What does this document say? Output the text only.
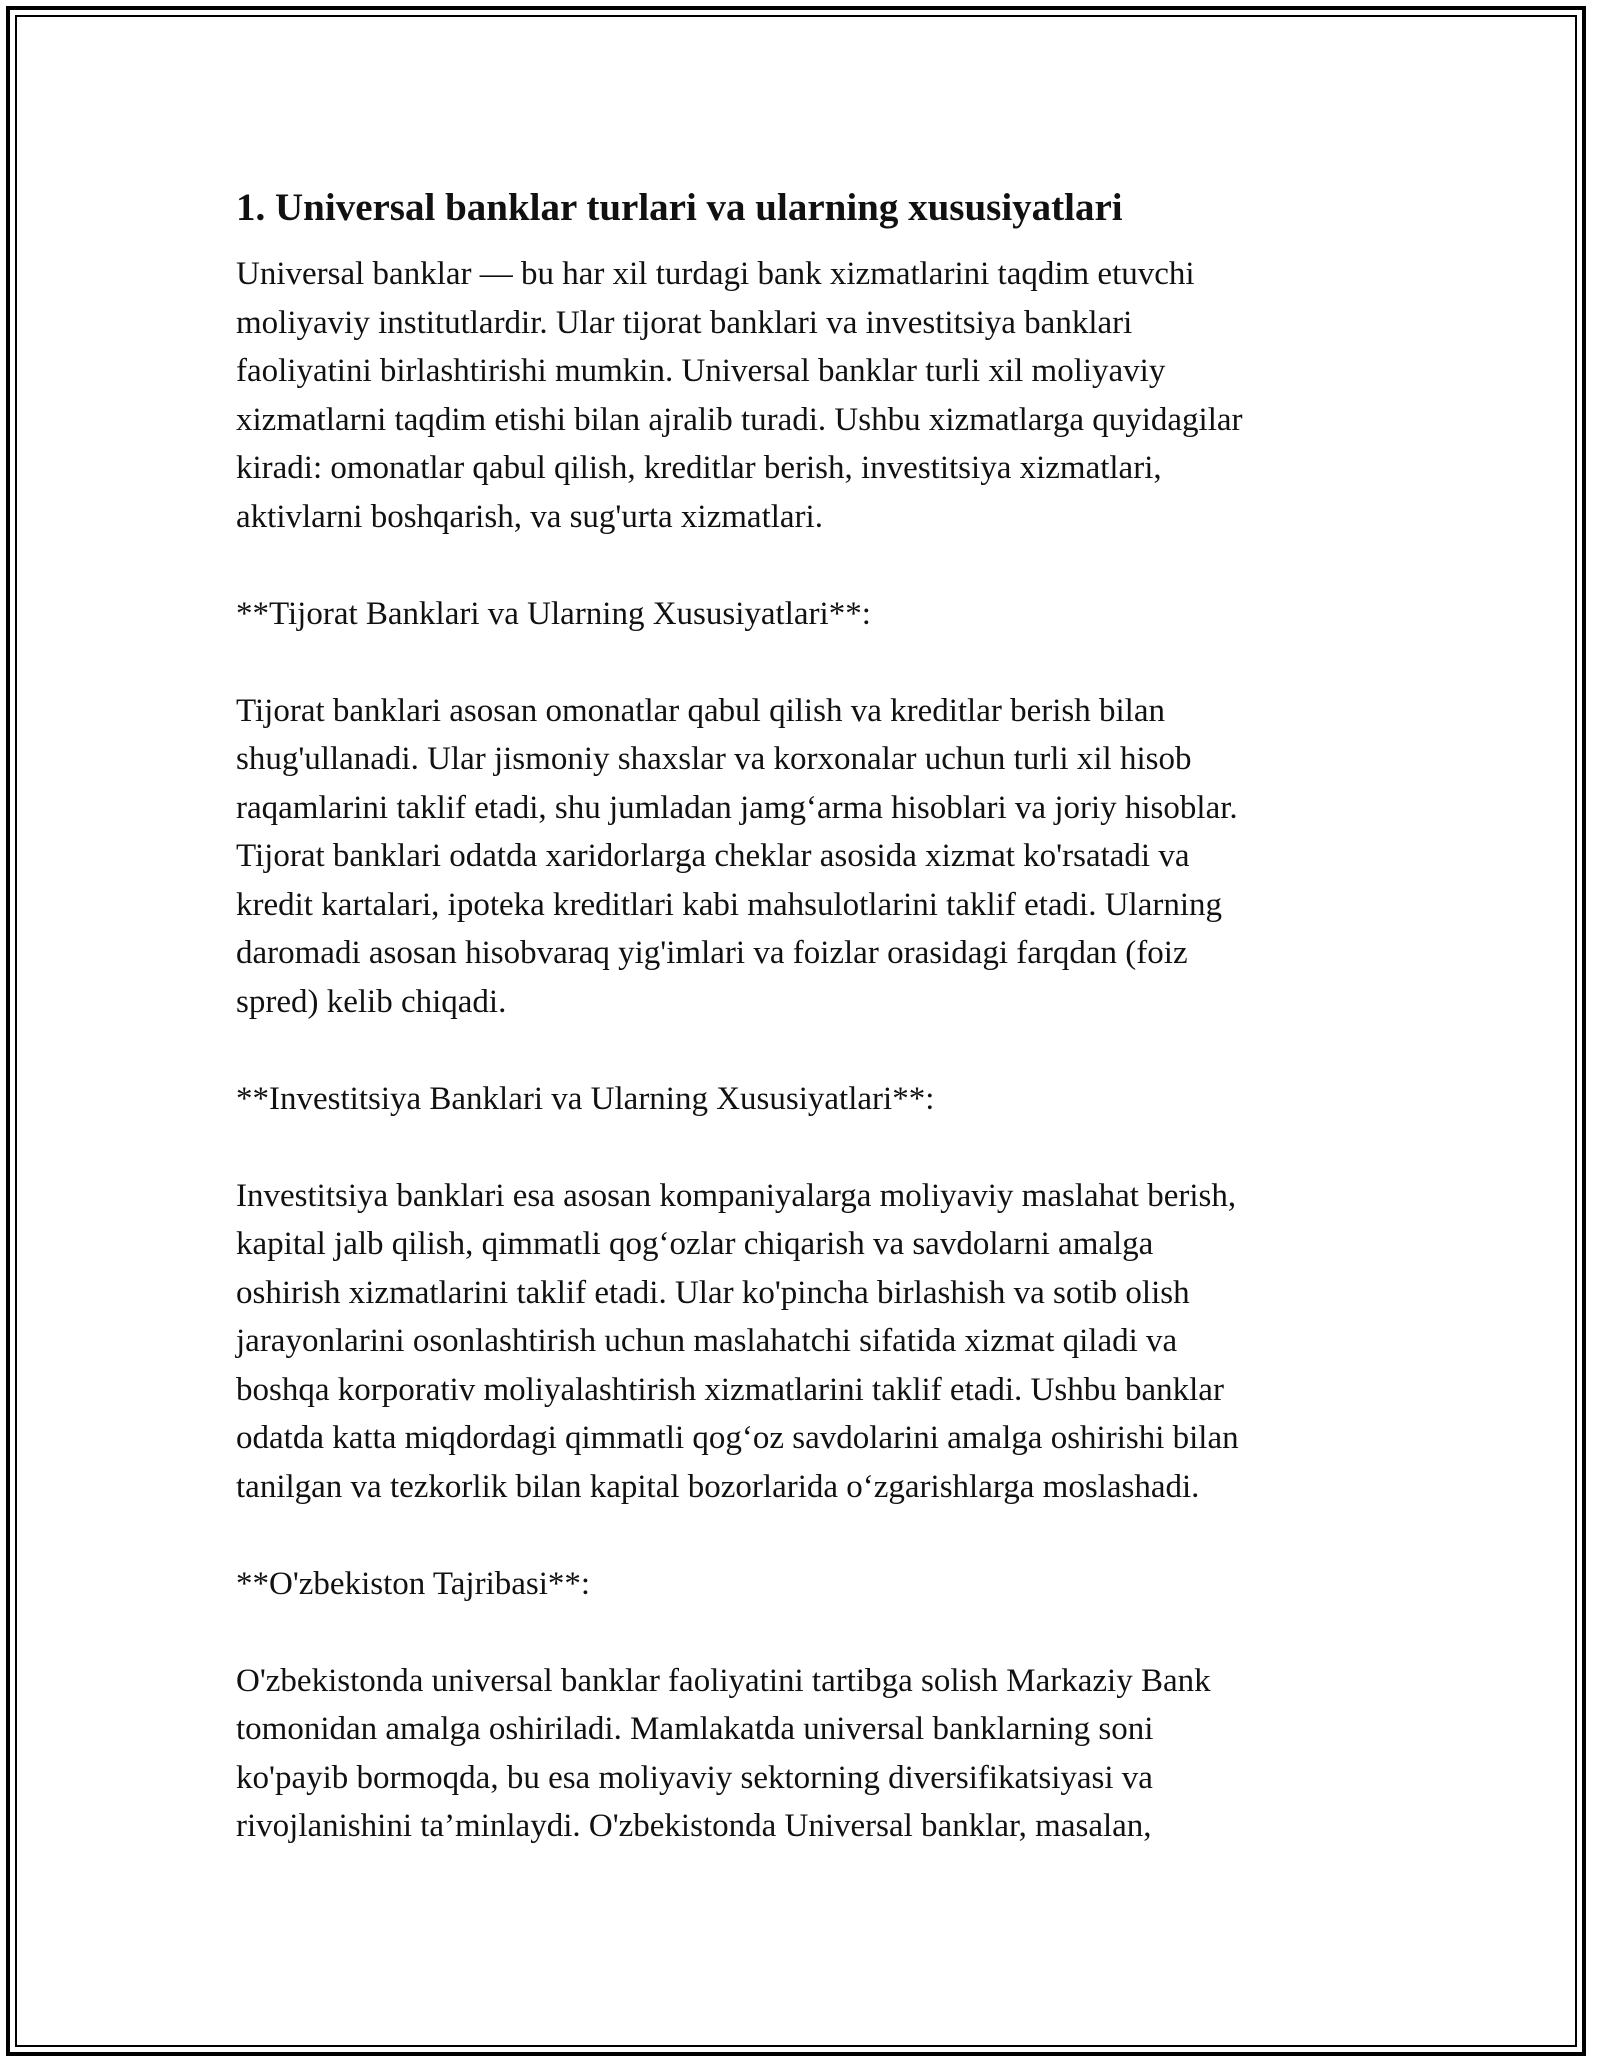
1. Universal banklar turlari va ularning xususiyatlari

Universal banklar — bu har xil turdagi bank xizmatlarini taqdim etuvchi
moliyaviy institutlardir. Ular tijorat banklari va investitsiya banklari
faoliyatini birlashtirishi mumkin. Universal banklar turli xil moliyaviy
xizmatlarni taqdim etishi bilan ajralib turadi. Ushbu xizmatlarga quyidagilar
kiradi: omonatlar qabul qilish, kreditlar berish, investitsiya xizmatlari,
aktivlarni boshqarish, va sug'urta xizmatlari.

**Tijorat Banklari va Ularning Xususiyatlari**:

Tijorat banklari asosan omonatlar qabul qilish va kreditlar berish bilan
shug'ullanadi. Ular jismoniy shaxslar va korxonalar uchun turli xil hisob
raqamlarini taklif etadi, shu jumladan jamg‘arma hisoblari va joriy hisoblar.
Tijorat banklari odatda xaridorlarga cheklar asosida xizmat ko'rsatadi va
kredit kartalari, ipoteka kreditlari kabi mahsulotlarini taklif etadi. Ularning
daromadi asosan hisobvaraq yig'imlari va foizlar orasidagi farqdan (foiz
spred) kelib chiqadi.

**Investitsiya Banklari va Ularning Xususiyatlari**:

Investitsiya banklari esa asosan kompaniyalarga moliyaviy maslahat berish,
kapital jalb qilish, qimmatli qog‘ozlar chiqarish va savdolarni amalga
oshirish xizmatlarini taklif etadi. Ular ko'pincha birlashish va sotib olish
jarayonlarini osonlashtirish uchun maslahatchi sifatida xizmat qiladi va
boshqa korporativ moliyalashtirish xizmatlarini taklif etadi. Ushbu banklar
odatda katta miqdordagi qimmatli qog‘oz savdolarini amalga oshirishi bilan
tanilgan va tezkorlik bilan kapital bozorlarida o‘zgarishlarga moslashadi.

**O'zbekiston Tajribasi**:

O'zbekistonda universal banklar faoliyatini tartibga solish Markaziy Bank
tomonidan amalga oshiriladi. Mamlakatda universal banklarning soni
ko'payib bormoqda, bu esa moliyaviy sektorning diversifikatsiyasi va
rivojlanishini ta’minlaydi. O'zbekistonda Universal banklar, masalan,
